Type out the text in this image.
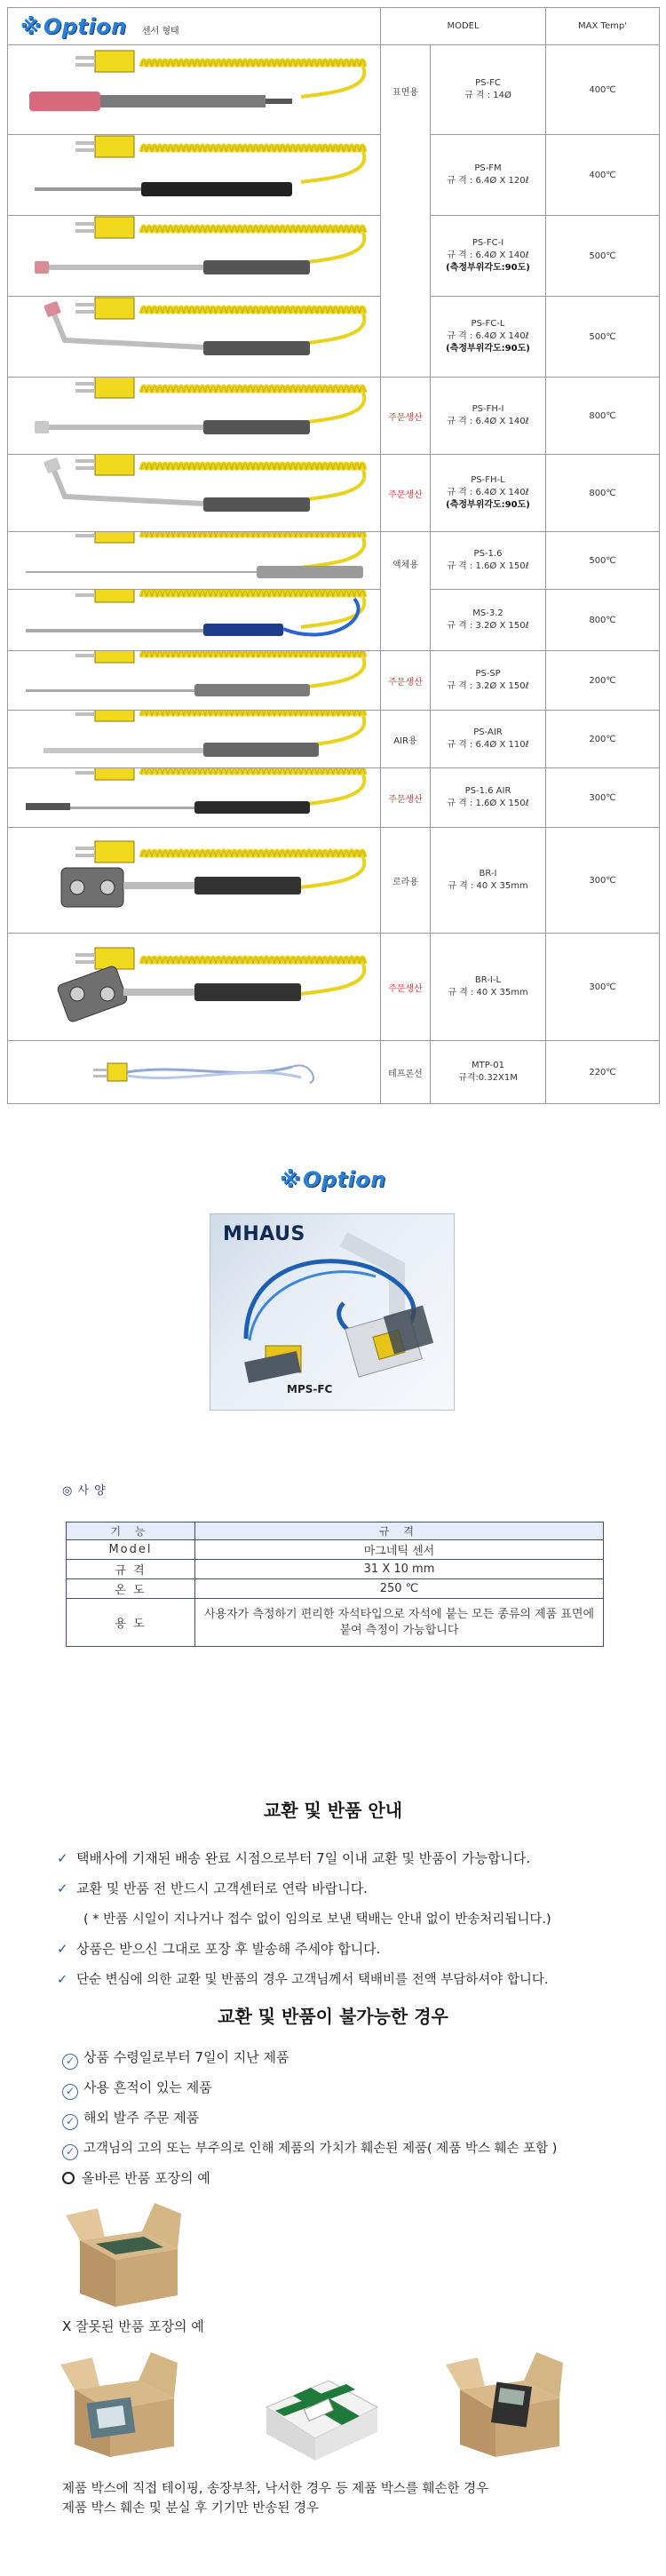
※Option 센서 형태	MODEL		MAX Temp'

	표면용	PS-FC
규 격 : 14Ø	400℃

PS-FM
규 격 : 6.4Ø X 120ℓ	400℃

PS-FC-I
규 격 : 6.4Ø X 140ℓ
(측정부위각도:90도)	500℃

PS-FC-L
규 격 : 6.4Ø X 140ℓ
(측정부위각도:90도)	500℃

	주문생산	PS-FH-I
규 격 : 6.4Ø X 140ℓ	800℃

	주문생산	PS-FH-L
규 격 : 6.4Ø X 140ℓ
(측정부위각도:90도)	800℃

	액체용	PS-1.6
규 격 : 1.6Ø X 150ℓ	500℃

MS-3.2
규 격 : 3.2Ø X 150ℓ	800℃

	주문생산	PS-SP
규 격 : 3.2Ø X 150ℓ	200℃

	AIR용	PS-AIR
규 격 : 6.4Ø X 110ℓ	200℃

	주문생산	PS-1.6 AIR
규 격 : 1.6Ø X 150ℓ	300℃

	로라용	BR-I
규 격 : 40 X 35mm	300℃

	주문생산	BR-I-L
규 격 : 40 X 35mm	300℃

	테프론선	MTP-01
규격:0.32X1M	220℃
※Option
MHAUS
MPS-FC
◎ 사 양
기 능	규 격
Model	마그네틱 센서
규 격	31 X 10 mm
온 도	250 ℃
용 도	사용자가 측정하기 편리한 자석타입으로 자석에 붙는 모든 종류의 제품 표면에 붙여 측정이 가능합니다
교환 및 반품 안내
✓ 택배사에 기재된 배송 완료 시점으로부터 7일 이내 교환 및 반품이 가능합니다.
✓ 교환 및 반품 전 반드시 고객센터로 연락 바랍니다.
( * 반품 시일이 지나거나 접수 없이 임의로 보낸 택배는 안내 없이 반송처리됩니다.)
✓ 상품은 받으신 그대로 포장 후 발송해 주세야 합니다.
✓ 단순 변심에 의한 교환 및 반품의 경우 고객님께서 택배비를 전액 부담하셔야 합니다.
교환 및 반품이 불가능한 경우
✓ 상품 수령일로부터 7일이 지난 제품
✓ 사용 흔적이 있는 제품
✓ 해외 발주 주문 제품
✓ 고객님의 고의 또는 부주의로 인해 제품의 가치가 훼손된 제품( 제품 박스 훼손 포함 )
올바른 반품 포장의 예
X 잘못된 반품 포장의 예
제품 박스에 직접 테이핑, 송장부착, 낙서한 경우 등 제품 박스를 훼손한 경우
제품 박스 훼손 및 분실 후 기기만 반송된 경우
